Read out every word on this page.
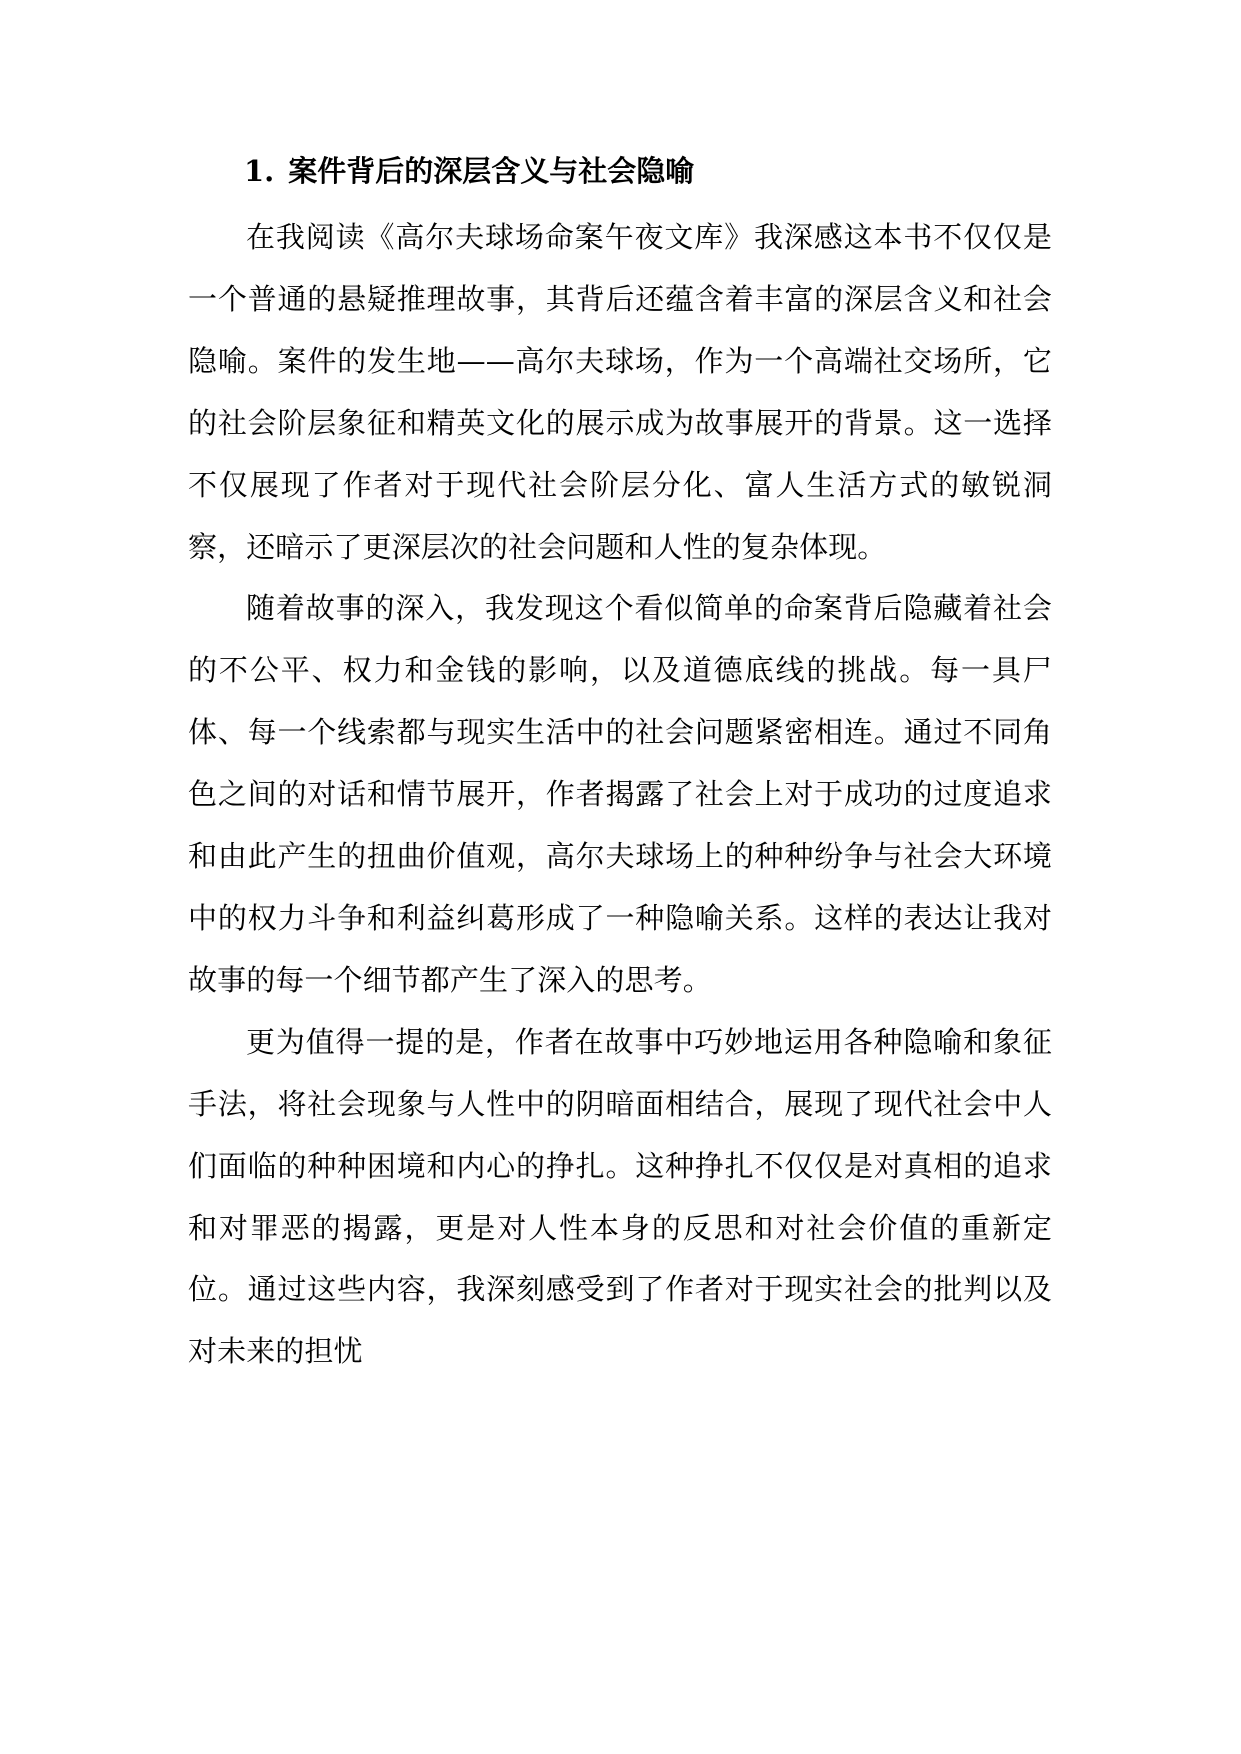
1. 案件背后的深层含义与社会隐喻

在我阅读《高尔夫球场命案午夜文库》我深感这本书不仅仅是一个普通的悬疑推理故事，其背后还蕴含着丰富的深层含义和社会隐喻。案件的发生地——高尔夫球场，作为一个高端社交场所，它的社会阶层象征和精英文化的展示成为故事展开的背景。这一选择不仅展现了作者对于现代社会阶层分化、富人生活方式的敏锐洞察，还暗示了更深层次的社会问题和人性的复杂体现。

随着故事的深入，我发现这个看似简单的命案背后隐藏着社会的不公平、权力和金钱的影响，以及道德底线的挑战。每一具尸体、每一个线索都与现实生活中的社会问题紧密相连。通过不同角色之间的对话和情节展开，作者揭露了社会上对于成功的过度追求和由此产生的扭曲价值观，高尔夫球场上的种种纷争与社会大环境中的权力斗争和利益纠葛形成了一种隐喻关系。这样的表达让我对故事的每一个细节都产生了深入的思考。

更为值得一提的是，作者在故事中巧妙地运用各种隐喻和象征手法，将社会现象与人性中的阴暗面相结合，展现了现代社会中人们面临的种种困境和内心的挣扎。这种挣扎不仅仅是对真相的追求和对罪恶的揭露，更是对人性本身的反思和对社会价值的重新定位。通过这些内容，我深刻感受到了作者对于现实社会的批判以及对未来的担忧
